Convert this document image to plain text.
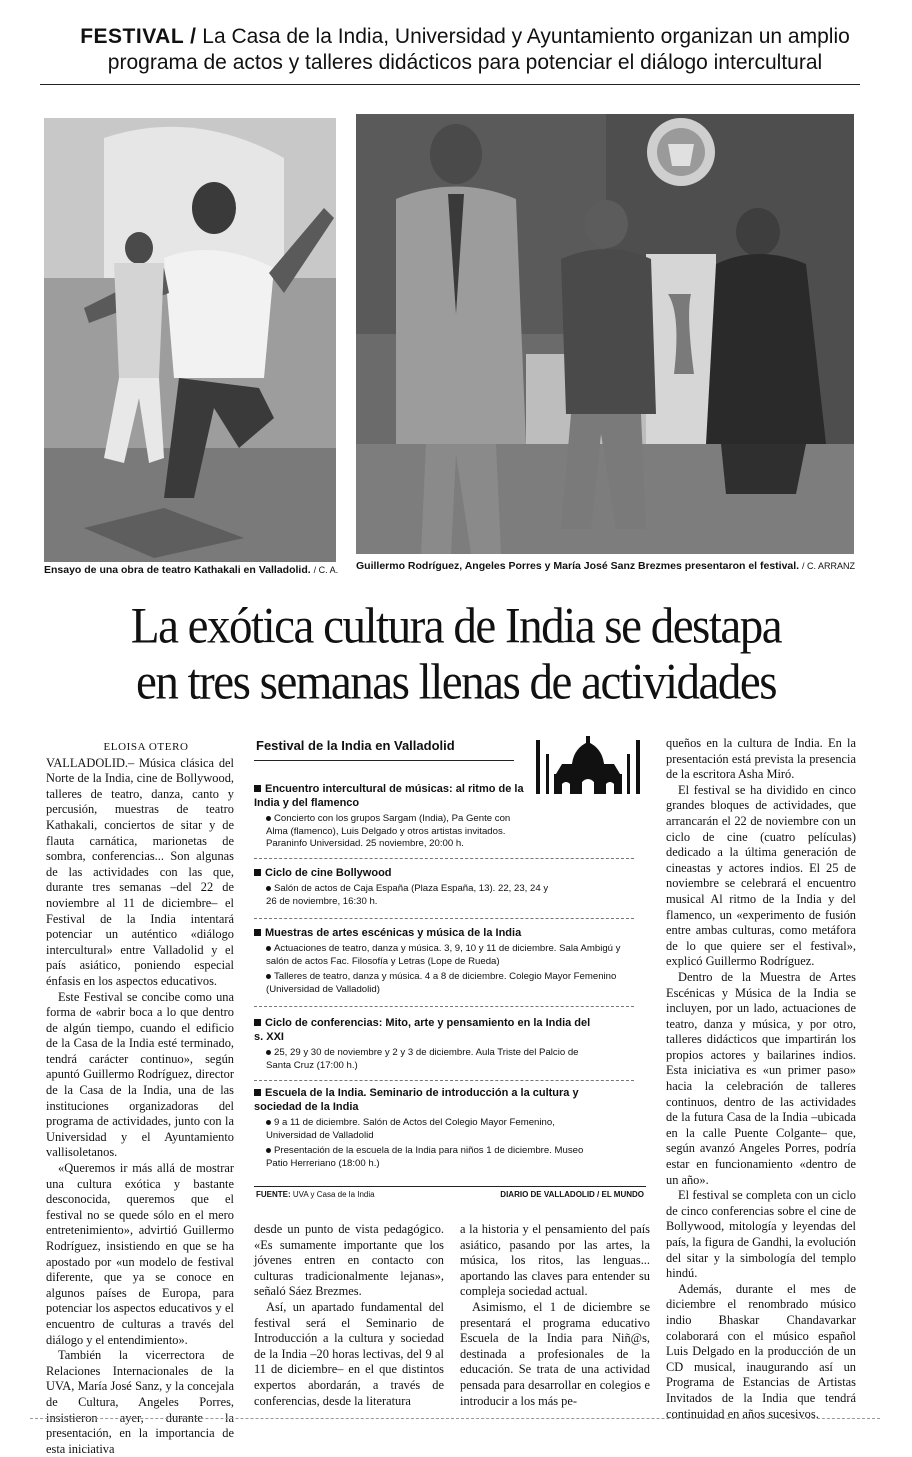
FESTIVAL / La Casa de la India, Universidad y Ayuntamiento organizan un amplio
programa de actos y talleres didácticos para potenciar el diálogo intercultural
Ensayo de una obra de teatro Kathakali en Valladolid. / C. A. Guillermo Rodríguez, Angeles Porres y María José Sanz Brezmes presentaron el festival. / C. ARRANZ
La exótica cultura de India se destapa
en tres semanas llenas de actividades

ELOISA OTERO

VALLADOLID.– Música clásica del Norte de la India, cine de Bollywood, talleres de teatro, danza, canto y percusión, muestras de teatro Kathakali, conciertos de sitar y de flauta carnática, marionetas de sombra, conferencias... Son algunas de las actividades con las que, durante tres semanas –del 22 de noviembre al 11 de diciembre– el Festival de la India intentará potenciar un auténtico «diálogo intercultural» entre Valladolid y el país asiático, poniendo especial énfasis en los aspectos educativos.

Este Festival se concibe como una forma de «abrir boca a lo que dentro de algún tiempo, cuando el edificio de la Casa de la India esté terminado, tendrá carácter continuo», según apuntó Guillermo Rodríguez, director de la Casa de la India, una de las instituciones organizadoras del programa de actividades, junto con la Universidad y el Ayuntamiento vallisoletanos.

«Queremos ir más allá de mostrar una cultura exótica y bastante desconocida, queremos que el festival no se quede sólo en el mero entretenimiento», advirtió Guillermo Rodríguez, insistiendo en que se ha apostado por «un modelo de festival diferente, que ya se conoce en algunos países de Europa, para potenciar los aspectos educativos y el encuentro de culturas a través del diálogo y el entendimiento».

También la vicerrectora de Relaciones Internacionales de la UVA, María José Sanz, y la concejala de Cultura, Angeles Porres, insistieron ayer, durante la presentación, en la importancia de esta iniciativa

Festival de la India en Valladolid
Encuentro intercultural de músicas: al ritmo de la India y del flamenco
Concierto con los grupos Sargam (India), Pa Gente con Alma (flamenco), Luis Delgado y otros artistas invitados. Paraninfo Universidad. 25 noviembre, 20:00 h.
Ciclo de cine Bollywood
Salón de actos de Caja España (Plaza España, 13). 22, 23, 24 y 26 de noviembre, 16:30 h.
Muestras de artes escénicas y música de la India
Actuaciones de teatro, danza y música. 3, 9, 10 y 11 de diciembre. Sala Ambigú y salón de actos Fac. Filosofía y Letras (Lope de Rueda)
Talleres de teatro, danza y música. 4 a 8 de diciembre. Colegio Mayor Femenino (Universidad de Valladolid)
Ciclo de conferencias: Mito, arte y pensamiento en la India del s. XXI
25, 29 y 30 de noviembre y 2 y 3 de diciembre. Aula Triste del Palcio de Santa Cruz (17:00 h.)
Escuela de la India. Seminario de introducción a la cultura y sociedad de la India
9 a 11 de diciembre. Salón de Actos del Colegio Mayor Femenino, Universidad de Valladolid
Presentación de la escuela de la India para niños 1 de diciembre. Museo Patio Herreriano (18:00 h.)
FUENTE: UVA y Casa de la India	DIARIO DE VALLADOLID / EL MUNDO

desde un punto de vista pedagógico. «Es sumamente importante que los jóvenes entren en contacto con culturas tradicionalmente lejanas», señaló Sáez Brezmes.

Así, un apartado fundamental del festival será el Seminario de Introducción a la cultura y sociedad de la India –20 horas lectivas, del 9 al 11 de diciembre– en el que distintos expertos abordarán, a través de conferencias, desde la literatura

a la historia y el pensamiento del país asiático, pasando por las artes, la música, los ritos, las lenguas... aportando las claves para entender su compleja sociedad actual.

Asimismo, el 1 de diciembre se presentará el programa educativo Escuela de la India para Niñ@s, destinada a profesionales de la educación. Se trata de una actividad pensada para desarrollar en colegios e introducir a los más pe-

queños en la cultura de India. En la presentación está prevista la presencia de la escritora Asha Miró.

El festival se ha dividido en cinco grandes bloques de actividades, que arrancarán el 22 de noviembre con un ciclo de cine (cuatro películas) dedicado a la última generación de cineastas y actores indios. El 25 de noviembre se celebrará el encuentro musical Al ritmo de la India y del flamenco, un «experimento de fusión entre ambas culturas, como metáfora de lo que quiere ser el festival», explicó Guillermo Rodríguez.

Dentro de la Muestra de Artes Escénicas y Música de la India se incluyen, por un lado, actuaciones de teatro, danza y música, y por otro, talleres didácticos que impartirán los propios actores y bailarines indios. Esta iniciativa es «un primer paso» hacia la celebración de talleres continuos, dentro de las actividades de la futura Casa de la India –ubicada en la calle Puente Colgante– que, según avanzó Angeles Porres, podría estar en funcionamiento «dentro de un año».

El festival se completa con un ciclo de cinco conferencias sobre el cine de Bollywood, mitología y leyendas del país, la figura de Gandhi, la evolución del sitar y la simbología del templo hindú.

Además, durante el mes de diciembre el renombrado músico indio Bhaskar Chandavarkar colaborará con el músico español Luis Delgado en la producción de un CD musical, inaugurando así un Programa de Estancias de Artistas Invitados de la India que tendrá continuidad en años sucesivos.
